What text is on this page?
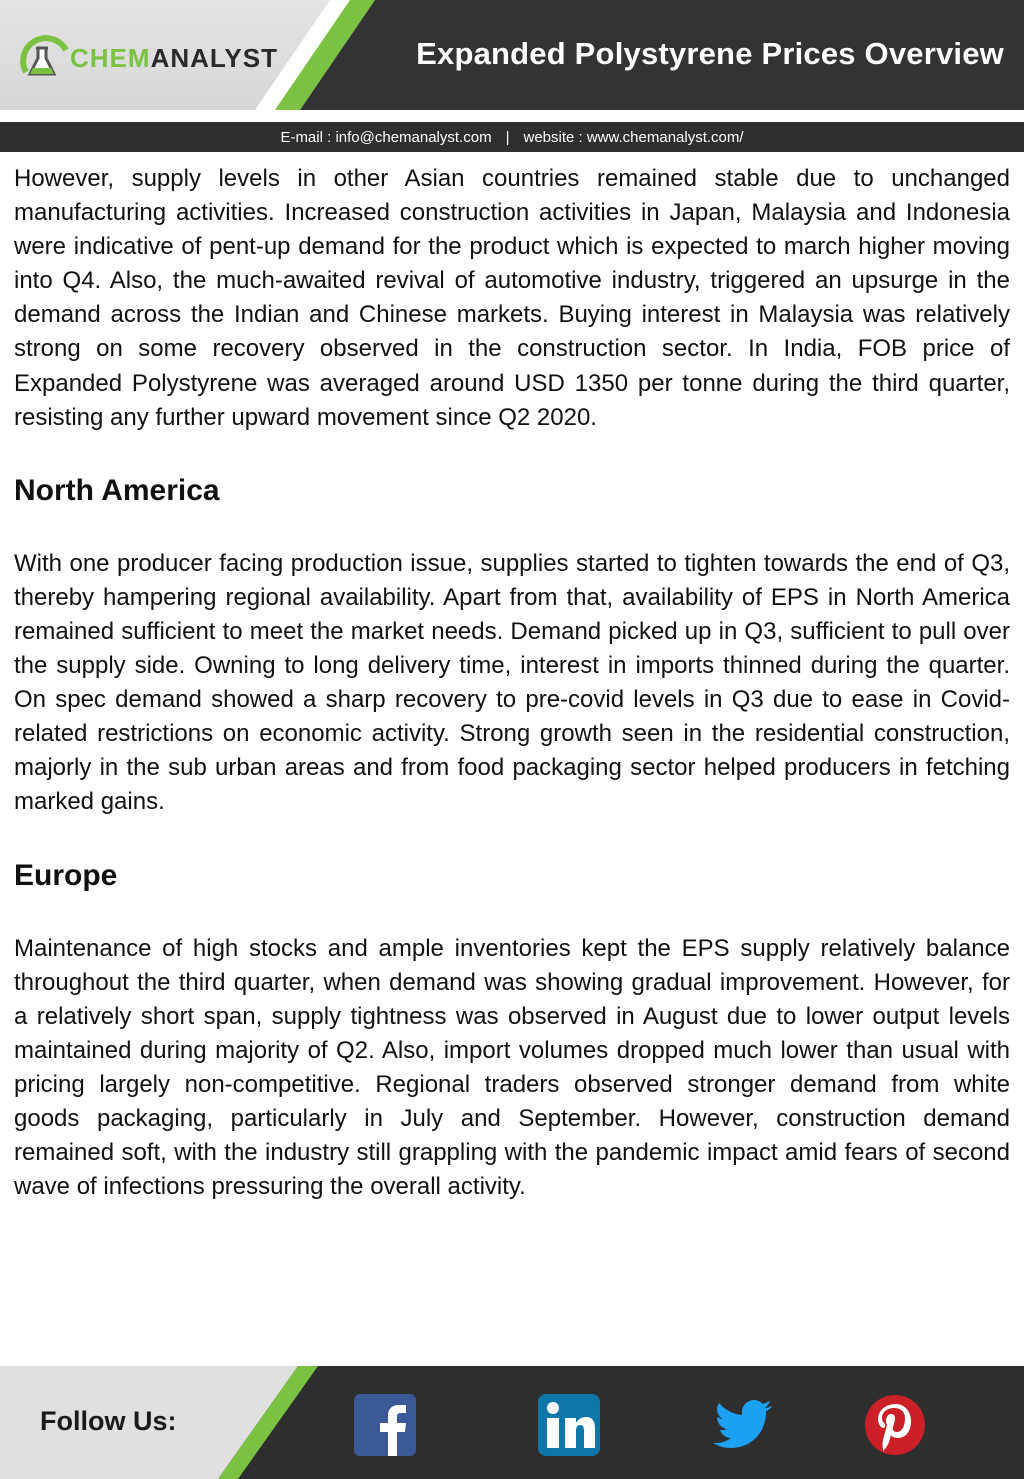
CHEMANALYST	Expanded Polystyrene Prices Overview
E-mail : info@chemanalyst.com | website : www.chemanalyst.com/

However, supply levels in other Asian countries remained stable due to unchanged manufacturing activities. Increased construction activities in Japan, Malaysia and Indonesia were indicative of pent-up demand for the product which is expected to march higher moving into Q4. Also, the much-awaited revival of automotive industry, triggered an upsurge in the demand across the Indian and Chinese markets. Buying interest in Malaysia was relatively strong on some recovery observed in the construction sector. In India, FOB price of Expanded Polystyrene was averaged around USD 1350 per tonne during the third quarter, resisting any further upward movement since Q2 2020.

North America

With one producer facing production issue, supplies started to tighten towards the end of Q3, thereby hampering regional availability. Apart from that, availability of EPS in North America remained sufficient to meet the market needs. Demand picked up in Q3, sufficient to pull over the supply side. Owning to long delivery time, interest in imports thinned during the quarter. On spec demand showed a sharp recovery to pre-covid levels in Q3 due to ease in Covid-related restrictions on economic activity. Strong growth seen in the residential construction, majorly in the sub urban areas and from food packaging sector helped producers in fetching marked gains.

Europe

Maintenance of high stocks and ample inventories kept the EPS supply relatively balance throughout the third quarter, when demand was showing gradual improvement. However, for a relatively short span, supply tightness was observed in August due to lower output levels maintained during majority of Q2. Also, import volumes dropped much lower than usual with pricing largely non-competitive. Regional traders observed stronger demand from white goods packaging, particularly in July and September. However, construction demand remained soft, with the industry still grappling with the pandemic impact amid fears of second wave of infections pressuring the overall activity.

Follow Us:
